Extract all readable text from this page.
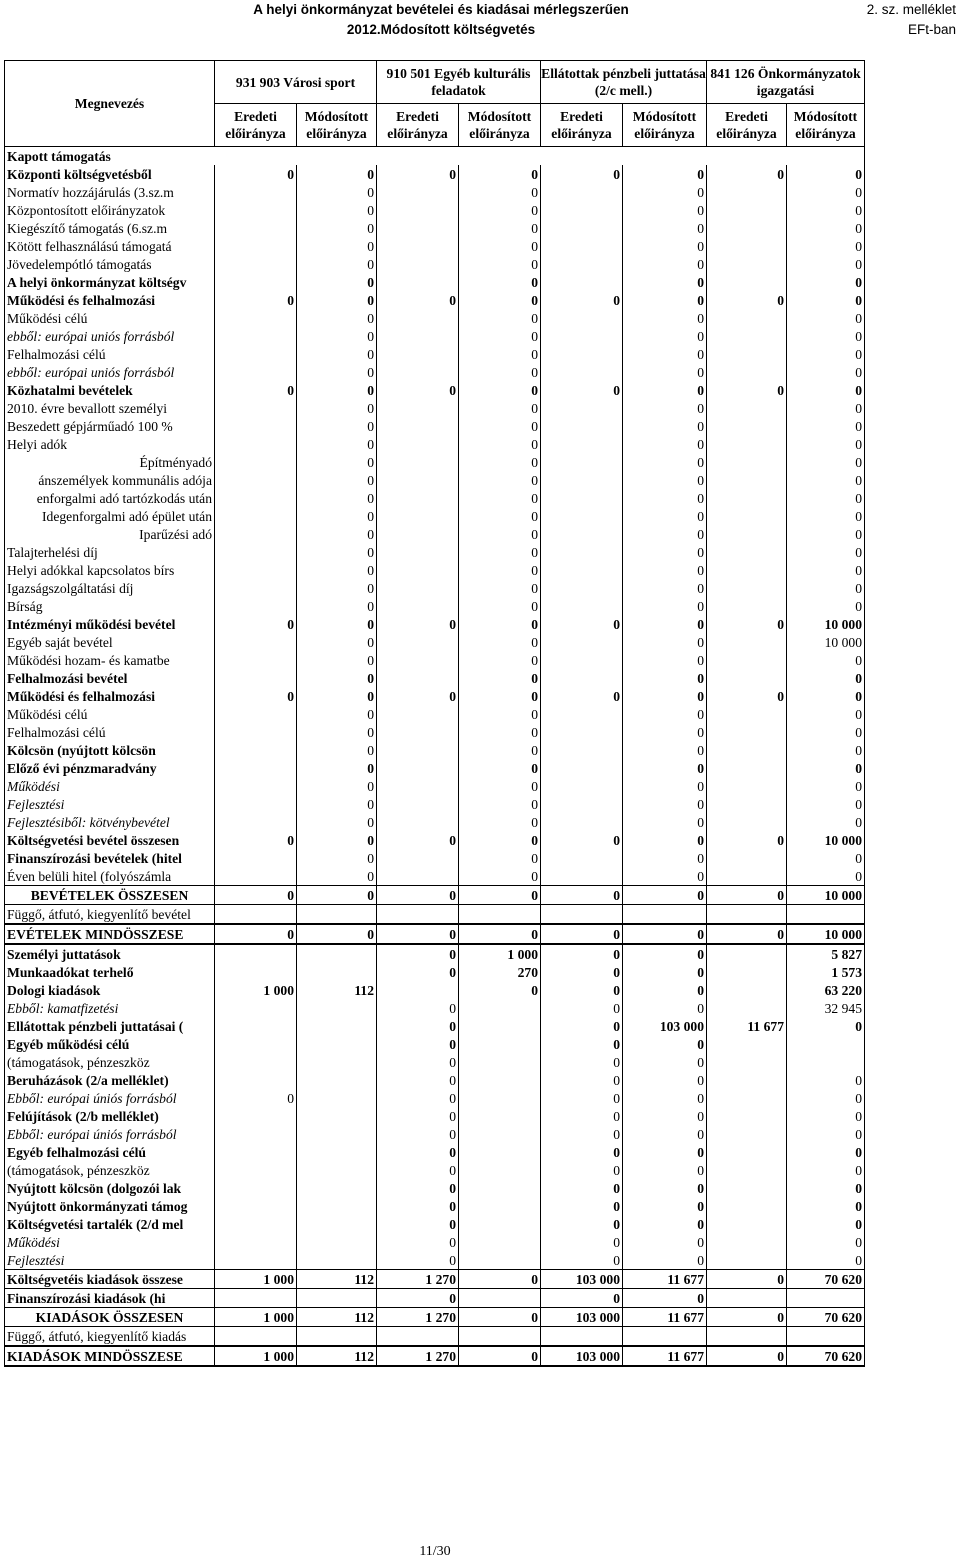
A helyi önkormányzat bevételei és kiadásai mérlegszerűen
2012.Módosított költségvetés
2. sz. melléklet
EFt-ban
Megnevezés	931 903 Városi sport		910 501 Egyéb kulturális feladatok		Ellátottak pénzbeli juttatása (2/c mell.)		841 126 Önkormányzatok igazgatási	
	Eredeti előirányza	Módosított előirányza	Eredeti előirányza	Módosított előirányza	Eredeti előirányza	Módosított előirányza	Eredeti előirányza	Módosított előirányza
Kapott támogatás								
Központi költségvetésből	0	0	0	0	0	0	0	0
Normatív hozzájárulás (3.sz.m		0		0		0		0
Központosított előirányzatok		0		0		0		0
Kiegészítő támogatás (6.sz.m		0		0		0		0
Kötött felhasználású támogatá		0		0		0		0
Jövedelempótló támogatás		0		0		0		0
A helyi önkormányzat költségv		0		0		0		0
Működési és felhalmozási	0	0	0	0	0	0	0	0
Működési célú		0		0		0		0
ebből: európai uniós forrásból		0		0		0		0
Felhalmozási célú		0		0		0		0
ebből: európai uniós forrásból		0		0		0		0
Közhatalmi bevételek	0	0	0	0	0	0	0	0
2010. évre bevallott személyi		0		0		0		0
Beszedett gépjárműadó 100 %		0		0		0		0
Helyi adók		0		0		0		0
Építményadó		0		0		0		0
ánszemélyek kommunális adója		0		0		0		0
enforgalmi adó tartózkodás után		0		0		0		0
Idegenforgalmi adó épület után		0		0		0		0
Iparűzési adó		0		0		0		0
Talajterhelési díj		0		0		0		0
Helyi adókkal kapcsolatos bírs		0		0		0		0
Igazságszolgáltatási díj		0		0		0		0
Bírság		0		0		0		0
Intézményi működési bevétel	0	0	0	0	0	0	0	10 000
Egyéb saját bevétel		0		0		0		10 000
Működési hozam- és kamatbe		0		0		0		0
Felhalmozási bevétel		0		0		0		0
Működési és felhalmozási	0	0	0	0	0	0	0	0
Működési célú		0		0		0		0
Felhalmozási célú		0		0		0		0
Kölcsön (nyújtott kölcsön		0		0		0		0
Előző évi pénzmaradvány		0		0		0		0
Működési		0		0		0		0
Fejlesztési		0		0		0		0
Fejlesztésiből: kötvénybevétel		0		0		0		0
Költségvetési bevétel összesen	0	0	0	0	0	0	0	10 000
Finanszírozási bevételek (hitel		0		0		0		0
Éven belüli hitel (folyószámla		0		0		0		0
BEVÉTELEK ÖSSZESEN	0	0	0	0	0	0	0	10 000
Függő, átfutó, kiegyenlítő bevétel								
EVÉTELEK MINDÖSSZESE	0	0	0	0	0	0	0	10 000
Személyi juttatások			0	1 000	0	0		5 827
Munkaadókat terhelő			0	270	0	0		1 573
Dologi kiadások	1 000	112		0	0	0		63 220
Ebből: kamatfizetési			0		0	0		32 945
Ellátottak pénzbeli juttatásai (			0		0	103 000	11 677	0
Egyéb működési célú			0		0	0		
(támogatások, pénzeszköz			0		0	0		
Beruházások (2/a melléklet)			0		0	0		0
Ebből: európai úniós forrásból	0		0		0	0		0
Felújítások (2/b melléklet)			0		0	0		0
Ebből: európai úniós forrásból			0		0	0		0
Egyéb felhalmozási célú			0		0	0		0
(támogatások, pénzeszköz			0		0	0		0
Nyújtott kölcsön (dolgozói lak			0		0	0		0
Nyújtott önkormányzati támog			0		0	0		0
Költségvetési tartalék (2/d mel			0		0	0		0
Működési			0		0	0		0
Fejlesztési			0		0	0		0
Költségvetéis kiadások összese	1 000	112	1 270	0	103 000	11 677	0	70 620
Finanszírozási kiadások (hi			0		0	0		
KIADÁSOK ÖSSZESEN	1 000	112	1 270	0	103 000	11 677	0	70 620
Függő, átfutó, kiegyenlítő kiadás								
KIADÁSOK MINDÖSSZESE	1 000	112	1 270	0	103 000	11 677	0	70 620
11/30
